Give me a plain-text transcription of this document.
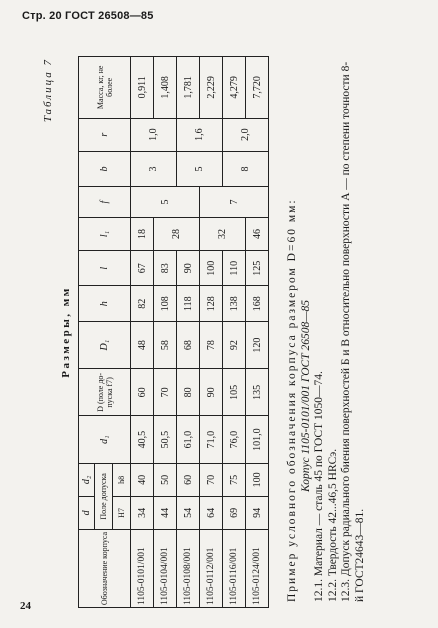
Стр. 20 ГОСТ 26508—85
Таблица 7
Размеры, мм
Обозначение корпуса	d	d₂	d₁	D (поле до-пуска f7)	D₁	h	l	l₁	f	b	r	Масса, кг, не более
	Поле допуска											
	H7	h8										
1105-0101/001	34	40	40,5	60	48	82	67	18	5	3	1,0	0,911
1105-0104/001	44	50	50,5	70	58	108	83	28				1,408
1105-0108/001	54	60	61,0	80	68	118	90			5	1,6	1,781
1105-0112/001	64	70	71,0	90	78	128	100	32	7			2,229
1105-0116/001	69	75	76,0	105	92	138	110			8	2,0	4,279
1105-0124/001	94	100	101,0	135	120	168	125	46				7,720

Пример условного обозначения корпуса размером D=60 мм: Корпус 1105-0101/001 ГОСТ 26508—85 12.1. Материал — сталь 45 по ГОСТ 1050—74. 12.2. Твердость 42...46,5 HRCэ. 12.3. Допуск радиального биения поверхностей Б и В относительно поверхности А — по степени точности 8-й ГОСТ24643—81.

24
